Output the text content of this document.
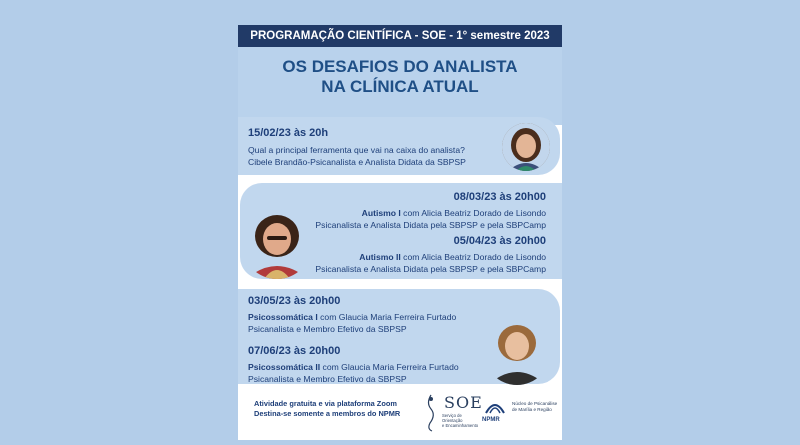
PROGRAMAÇÃO CIENTÍFICA - SOE - 1° semestre 2023
OS DESAFIOS DO ANALISTA
NA CLÍNICA ATUAL
15/02/23 às 20h
Qual a principal ferramenta que vai na caixa do analista?
Cibele Brandão-Psicanalista e Analista Didata da SBPSP
08/03/23 às 20h00
Autismo I com Alicia Beatriz Dorado de Lisondo
Psicanalista e Analista Didata pela SBPSP e pela SBPCamp
05/04/23 às 20h00
Autismo II com Alicia Beatriz Dorado de Lisondo
Psicanalista e Analista Didata pela SBPSP e pela SBPCamp
03/05/23 às 20h00
Psicossomática I com Glaucia Maria Ferreira Furtado
Psicanalista e Membro Efetivo da SBPSP
07/06/23 às 20h00
Psicossomática II com Glaucia Maria Ferreira Furtado
Psicanalista e Membro Efetivo da SBPSP
Atividade gratuita e via plataforma Zoom
Destina-se somente a membros do NPMR
SOE
Serviço de Orientação
e Encaminhamento
NPMR
Núcleo de Psicanálise
de Marília e Região
